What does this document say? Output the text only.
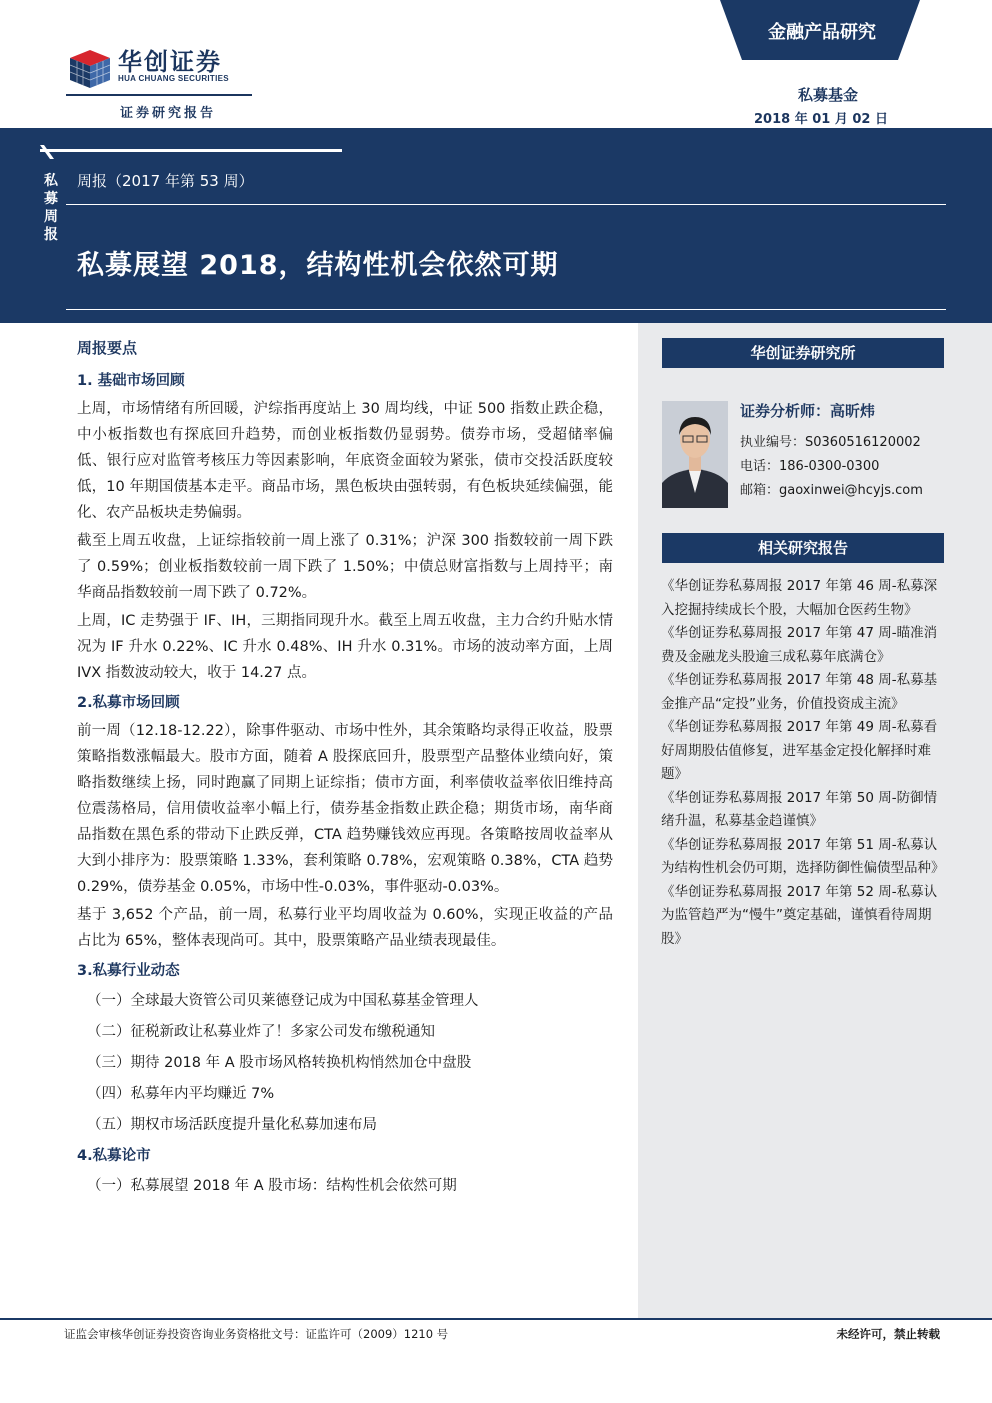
华创证券
HUA CHUANG SECURITIES
证券研究报告
金融产品研究
私募基金
2018 年 01 月 02 日
私募周报
周报（2017 年第 53 周）
私募展望 2018，结构性机会依然可期
华创证券研究所
证券分析师：高昕炜
执业编号：S0360516120002
电话：186-0300-0300
邮箱：gaoxinwei@hcyjs.com
相关研究报告
《华创证券私募周报 2017 年第 46 周-私募深入挖掘持续成长个股，大幅加仓医药生物》
《华创证券私募周报 2017 年第 47 周-瞄准消费及金融龙头股逾三成私募年底满仓》
《华创证券私募周报 2017 年第 48 周-私募基金推产品“定投”业务，价值投资成主流》
《华创证券私募周报 2017 年第 49 周-私募看好周期股估值修复，进军基金定投化解择时难题》
《华创证券私募周报 2017 年第 50 周-防御情绪升温，私募基金趋谨慎》
《华创证券私募周报 2017 年第 51 周-私募认为结构性机会仍可期，选择防御性偏债型品种》
《华创证券私募周报 2017 年第 52 周-私募认为监管趋严为“慢牛”奠定基础，谨慎看待周期股》
周报要点
1. 基础市场回顾

上周，市场情绪有所回暖，沪综指再度站上 30 周均线，中证 500 指数止跌企稳，中小板指数也有探底回升趋势，而创业板指数仍显弱势。债券市场，受超储率偏低、银行应对监管考核压力等因素影响，年底资金面较为紧张，债市交投活跃度较低，10 年期国债基本走平。商品市场，黑色板块由强转弱，有色板块延续偏强，能化、农产品板块走势偏弱。

截至上周五收盘，上证综指较前一周上涨了 0.31%；沪深 300 指数较前一周下跌了 0.59%；创业板指数较前一周下跌了 1.50%；中债总财富指数与上周持平；南华商品指数较前一周下跌了 0.72%。

上周，IC 走势强于 IF、IH，三期指同现升水。截至上周五收盘，主力合约升贴水情况为 IF 升水 0.22%、IC 升水 0.48%、IH 升水 0.31%。市场的波动率方面，上周 IVX 指数波动较大，收于 14.27 点。

2.私募市场回顾

前一周（12.18-12.22），除事件驱动、市场中性外，其余策略均录得正收益，股票策略指数涨幅最大。股市方面，随着 A 股探底回升，股票型产品整体业绩向好，策略指数继续上扬，同时跑赢了同期上证综指；债市方面，利率债收益率依旧维持高位震荡格局，信用债收益率小幅上行，债券基金指数止跌企稳；期货市场，南华商品指数在黑色系的带动下止跌反弹，CTA 趋势赚钱效应再现。各策略按周收益率从大到小排序为：股票策略 1.33%，套利策略 0.78%，宏观策略 0.38%，CTA 趋势 0.29%，债券基金 0.05%，市场中性-0.03%，事件驱动-0.03%。

基于 3,652 个产品，前一周，私募行业平均周收益为 0.60%，实现正收益的产品占比为 65%，整体表现尚可。其中，股票策略产品业绩表现最佳。

3.私募行业动态
（一）全球最大资管公司贝莱德登记成为中国私募基金管理人
（二）征税新政让私募业炸了！多家公司发布缴税通知
（三）期待 2018 年 A 股市场风格转换机构悄然加仓中盘股
（四）私募年内平均赚近 7%
（五）期权市场活跃度提升量化私募加速布局
4.私募论市
（一）私募展望 2018 年 A 股市场：结构性机会依然可期
证监会审核华创证券投资咨询业务资格批文号：证监许可（2009）1210 号	未经许可，禁止转载
